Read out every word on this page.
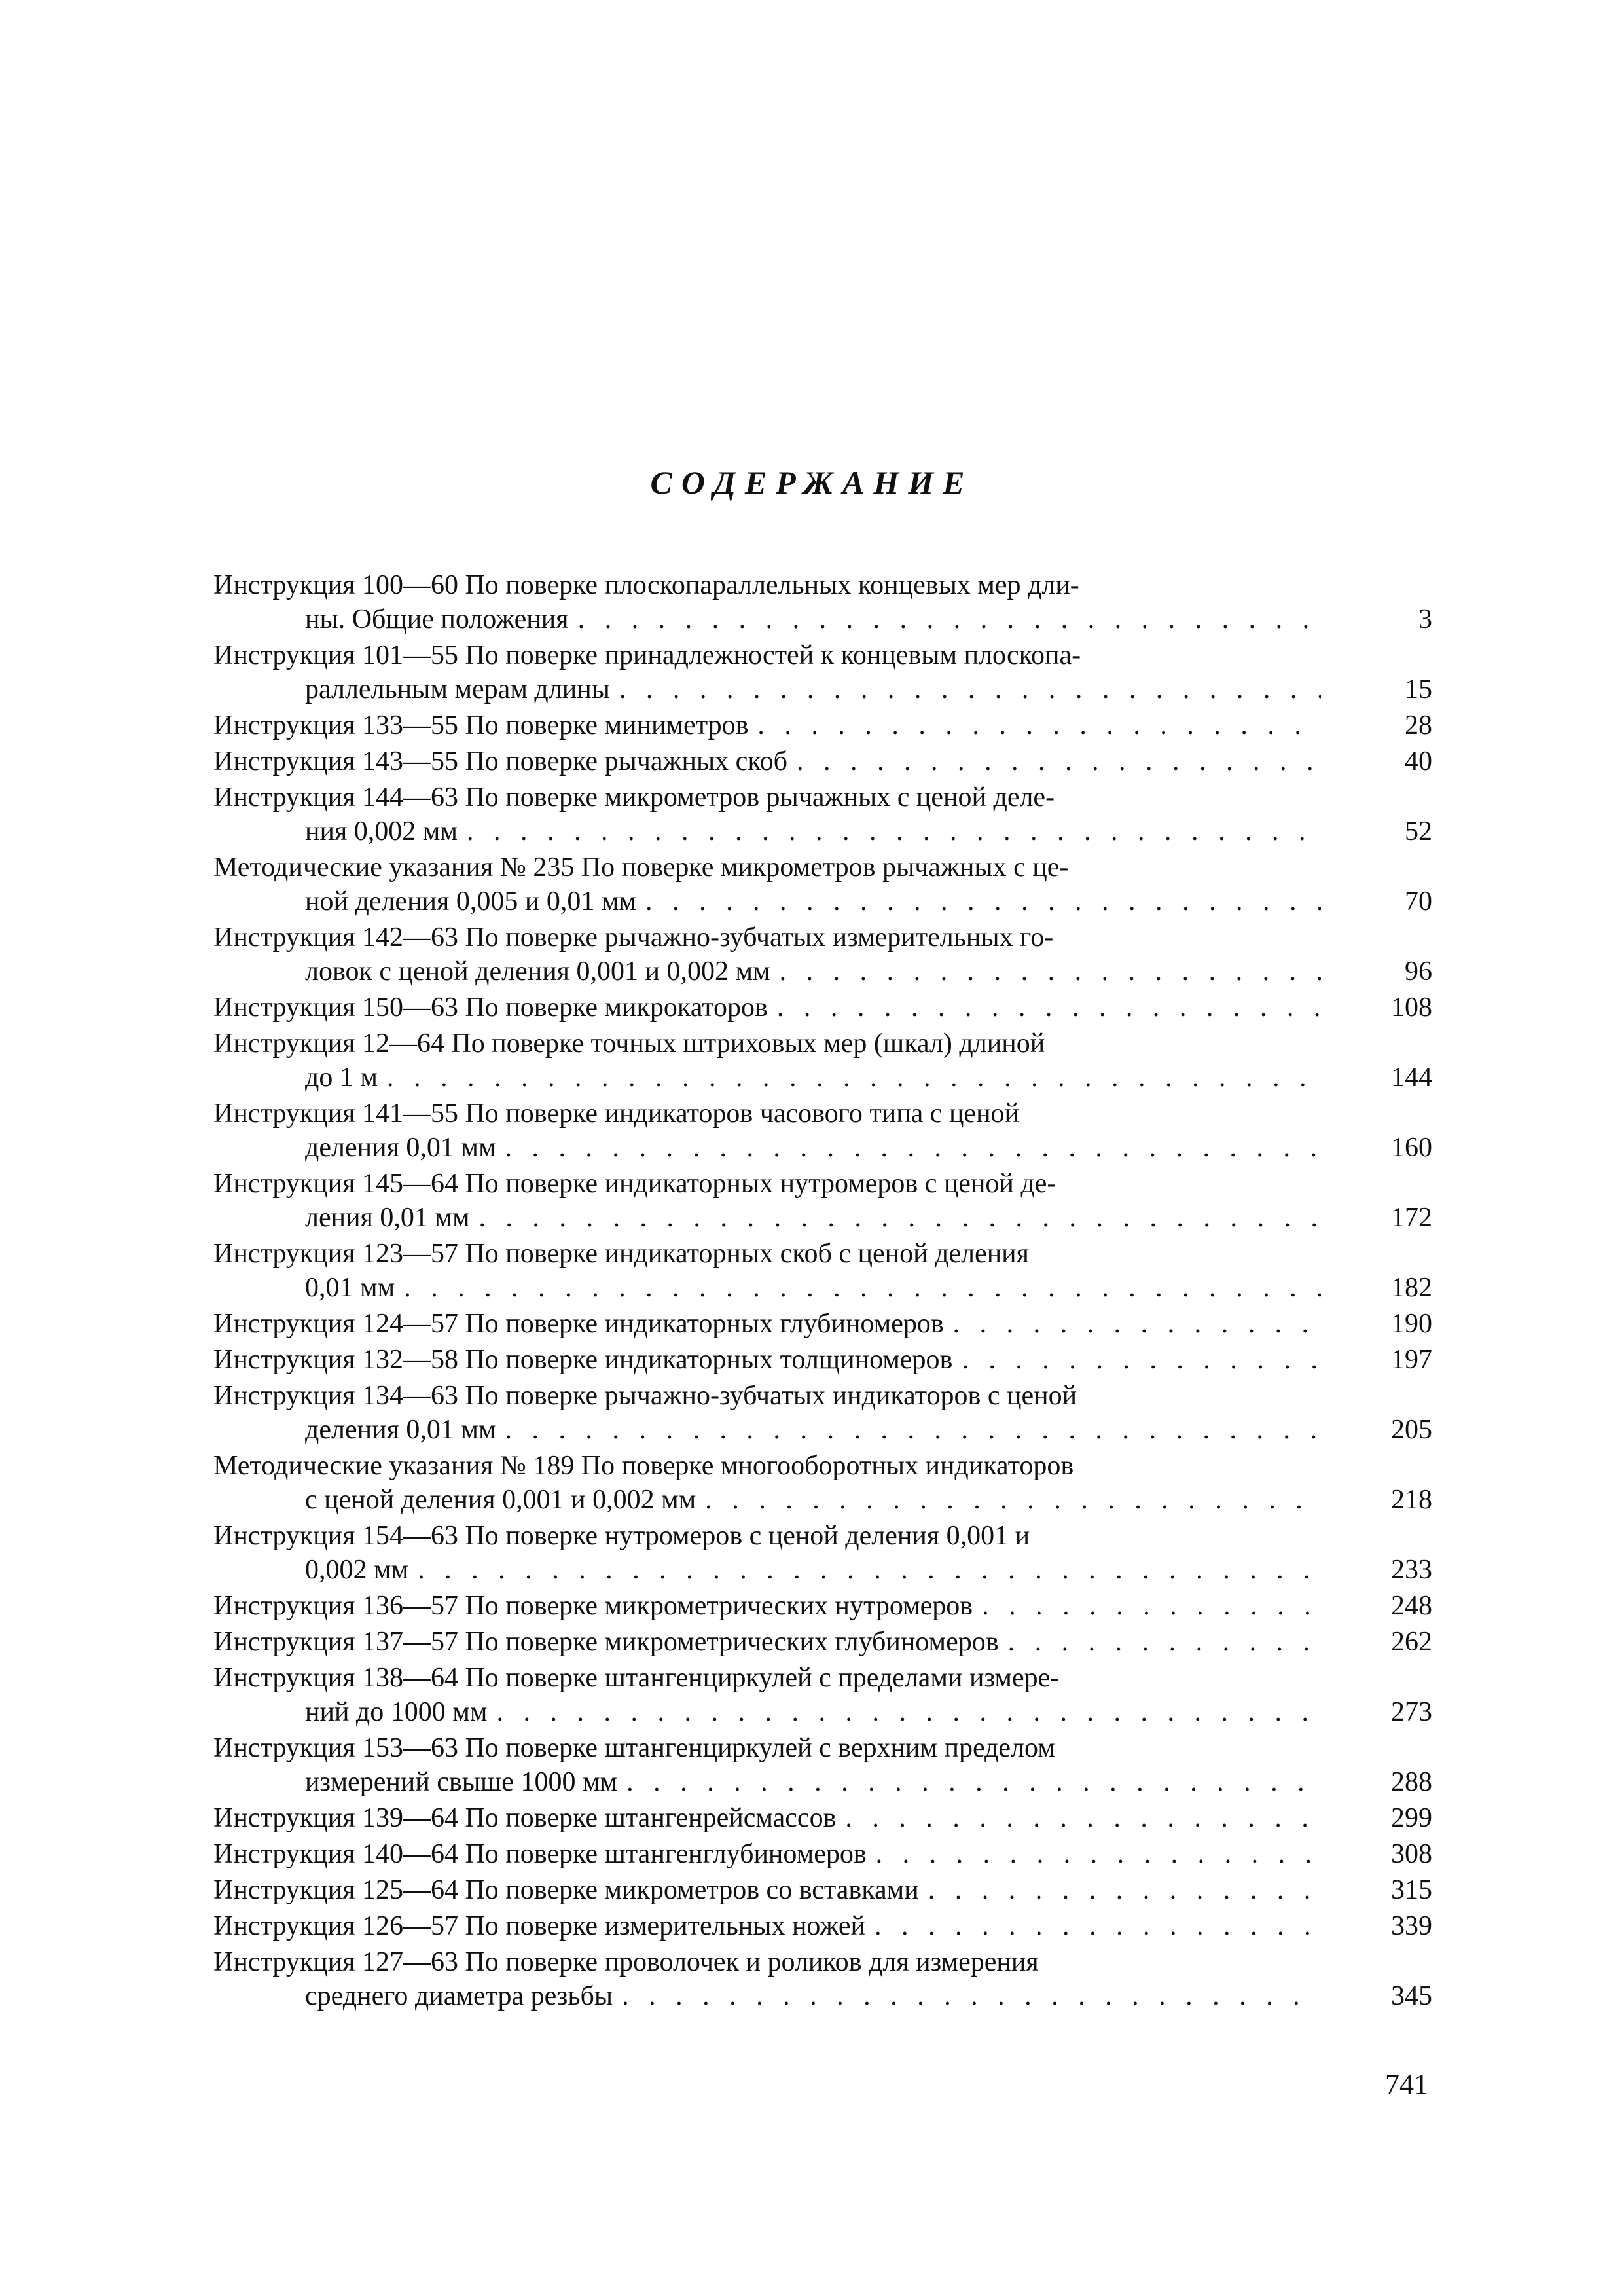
СОДЕРЖАНИЕ
Инструкция 100—60 По поверке плоскопараллельных концевых мер дли-
ны. Общие положения . . .	3
Инструкция 101—55 По поверке принадлежностей к концевым плоскопа-
раллельным мерам длины . . .	15
Инструкция 133—55 По поверке миниметров . . .	28
Инструкция 143—55 По поверке рычажных скоб . . .	40
Инструкция 144—63 По поверке микрометров рычажных с ценой деле-
ния 0,002 мм . . .	52
Методические указания № 235 По поверке микрометров рычажных с це-
ной деления 0,005 и 0,01 мм . . .	70
Инструкция 142—63 По поверке рычажно-зубчатых измерительных го-
ловок с ценой деления 0,001 и 0,002 мм . . .	96
Инструкция 150—63 По поверке микрокаторов . . .	108
Инструкция 12—64 По поверке точных штриховых мер (шкал) длиной
до 1 м . . .	144
Инструкция 141—55 По поверке индикаторов часового типа с ценой
деления 0,01 мм . . .	160
Инструкция 145—64 По поверке индикаторных нутромеров с ценой де-
ления 0,01 мм . . .	172
Инструкция 123—57 По поверке индикаторных скоб с ценой деления
0,01 мм . . .	182
Инструкция 124—57 По поверке индикаторных глубиномеров . . .	190
Инструкция 132—58 По поверке индикаторных толщиномеров . . .	197
Инструкция 134—63 По поверке рычажно-зубчатых индикаторов с ценой
деления 0,01 мм . . .	205
Методические указания № 189 По поверке многооборотных индикаторов
с ценой деления 0,001 и 0,002 мм . . .	218
Инструкция 154—63 По поверке нутромеров с ценой деления 0,001 и
0,002 мм . . .	233
Инструкция 136—57 По поверке микрометрических нутромеров . . .	248
Инструкция 137—57 По поверке микрометрических глубиномеров . . .	262
Инструкция 138—64 По поверке штангенциркулей с пределами измере-
ний до 1000 мм . . .	273
Инструкция 153—63 По поверке штангенциркулей с верхним пределом
измерений свыше 1000 мм . . .	288
Инструкция 139—64 По поверке штангенрейсмассов . . .	299
Инструкция 140—64 По поверке штангенглубиномеров . . .	308
Инструкция 125—64 По поверке микрометров со вставками . . .	315
Инструкция 126—57 По поверке измерительных ножей . . .	339
Инструкция 127—63 По поверке проволочек и роликов для измерения
среднего диаметра резьбы . . .	345
741
